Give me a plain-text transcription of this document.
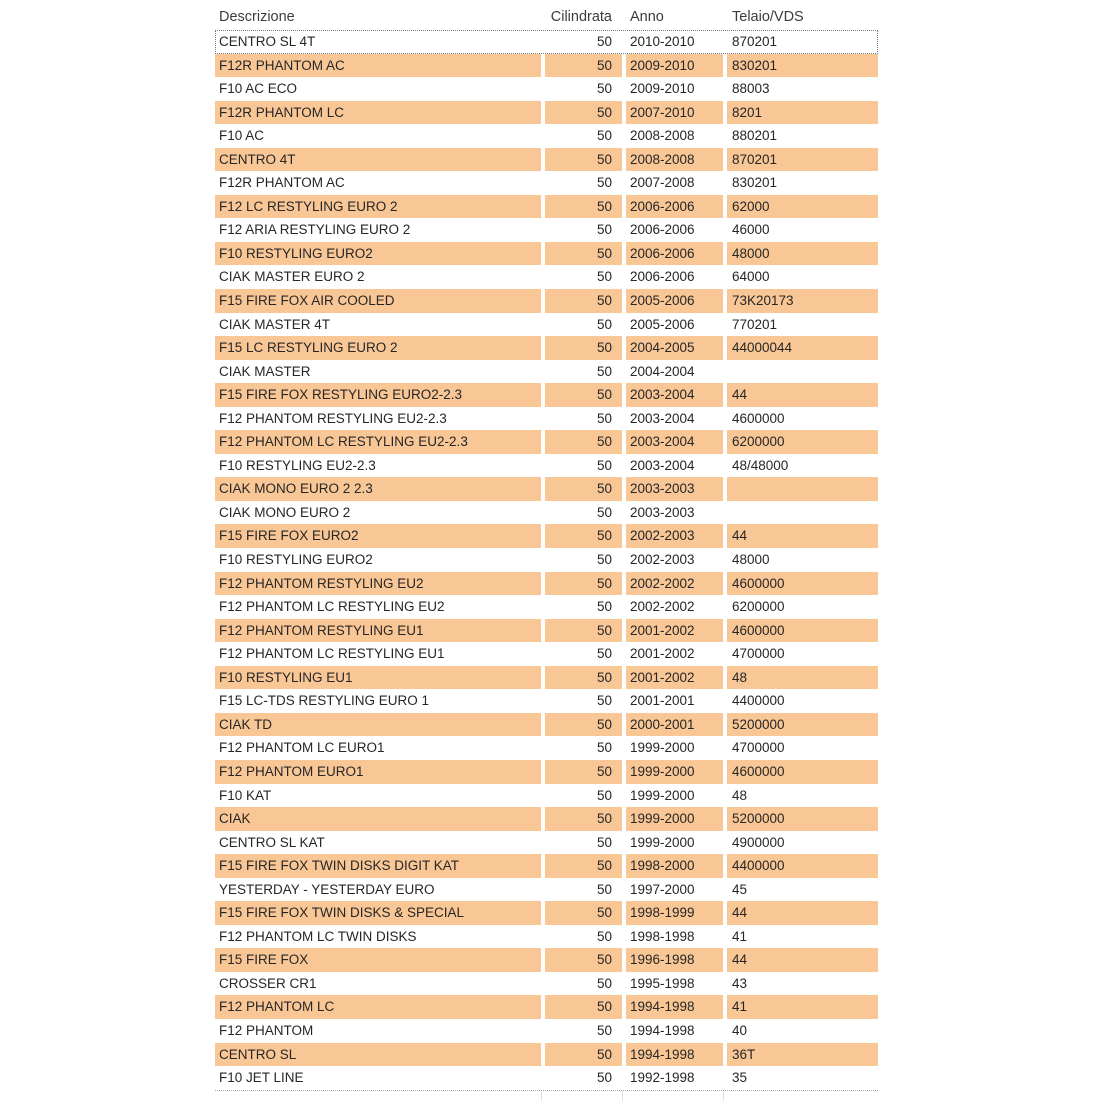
Descrizione	Cilindrata	Anno	Telaio/VDS
CENTRO SL 4T	50	2010-2010	870201
F12R PHANTOM AC	50	2009-2010	830201
F10 AC ECO	50	2009-2010	88003
F12R PHANTOM LC	50	2007-2010	8201
F10 AC	50	2008-2008	880201
CENTRO 4T	50	2008-2008	870201
F12R PHANTOM AC	50	2007-2008	830201
F12 LC RESTYLING EURO 2	50	2006-2006	62000
F12 ARIA RESTYLING EURO 2	50	2006-2006	46000
F10 RESTYLING EURO2	50	2006-2006	48000
CIAK MASTER EURO 2	50	2006-2006	64000
F15 FIRE FOX AIR COOLED	50	2005-2006	73K20173
CIAK MASTER 4T	50	2005-2006	770201
F15 LC RESTYLING EURO 2	50	2004-2005	44000044
CIAK MASTER	50	2004-2004
F15 FIRE FOX RESTYLING EURO2-2.3	50	2003-2004	44
F12 PHANTOM RESTYLING EU2-2.3	50	2003-2004	4600000
F12 PHANTOM LC RESTYLING EU2-2.3	50	2003-2004	6200000
F10 RESTYLING EU2-2.3	50	2003-2004	48/48000
CIAK MONO EURO 2 2.3	50	2003-2003
CIAK MONO EURO 2	50	2003-2003
F15 FIRE FOX EURO2	50	2002-2003	44
F10 RESTYLING EURO2	50	2002-2003	48000
F12 PHANTOM RESTYLING EU2	50	2002-2002	4600000
F12 PHANTOM LC RESTYLING EU2	50	2002-2002	6200000
F12 PHANTOM RESTYLING EU1	50	2001-2002	4600000
F12 PHANTOM LC RESTYLING EU1	50	2001-2002	4700000
F10 RESTYLING EU1	50	2001-2002	48
F15 LC-TDS RESTYLING EURO 1	50	2001-2001	4400000
CIAK TD	50	2000-2001	5200000
F12 PHANTOM LC EURO1	50	1999-2000	4700000
F12 PHANTOM EURO1	50	1999-2000	4600000
F10 KAT	50	1999-2000	48
CIAK	50	1999-2000	5200000
CENTRO SL KAT	50	1999-2000	4900000
F15 FIRE FOX TWIN DISKS DIGIT KAT	50	1998-2000	4400000
YESTERDAY - YESTERDAY EURO	50	1997-2000	45
F15 FIRE FOX TWIN DISKS & SPECIAL	50	1998-1999	44
F12 PHANTOM LC TWIN DISKS	50	1998-1998	41
F15 FIRE FOX	50	1996-1998	44
CROSSER CR1	50	1995-1998	43
F12 PHANTOM LC	50	1994-1998	41
F12 PHANTOM	50	1994-1998	40
CENTRO SL	50	1994-1998	36T
F10 JET LINE	50	1992-1998	35
